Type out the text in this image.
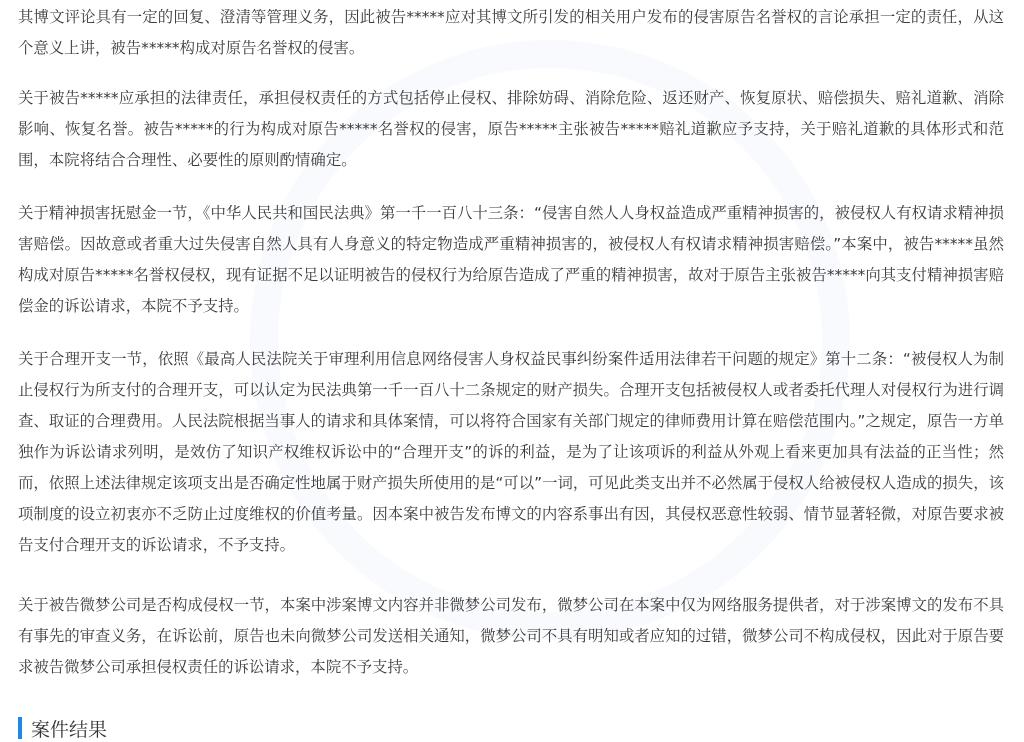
其博文评论具有一定的回复、澄清等管理义务，因此被告*****应对其博文所引发的相关用户发布的侵害原告名誉权的言论承担一定的责任，从这个意义上讲，被告*****构成对原告名誉权的侵害。

关于被告*****应承担的法律责任，承担侵权责任的方式包括停止侵权、排除妨碍、消除危险、返还财产、恢复原状、赔偿损失、赔礼道歉、消除影响、恢复名誉。被告*****的行为构成对原告*****名誉权的侵害，原告*****主张被告*****赔礼道歉应予支持，关于赔礼道歉的具体形式和范围，本院将结合合理性、必要性的原则酌情确定。

关于精神损害抚慰金一节，《中华人民共和国民法典》第一千一百八十三条：“侵害自然人人身权益造成严重精神损害的，被侵权人有权请求精神损害赔偿。因故意或者重大过失侵害自然人具有人身意义的特定物造成严重精神损害的，被侵权人有权请求精神损害赔偿。”本案中，被告*****虽然构成对原告*****名誉权侵权，现有证据不足以证明被告的侵权行为给原告造成了严重的精神损害，故对于原告主张被告*****向其支付精神损害赔偿金的诉讼请求，本院不予支持。

关于合理开支一节，依照《最高人民法院关于审理利用信息网络侵害人身权益民事纠纷案件适用法律若干问题的规定》第十二条：“被侵权人为制止侵权行为所支付的合理开支，可以认定为民法典第一千一百八十二条规定的财产损失。合理开支包括被侵权人或者委托代理人对侵权行为进行调查、取证的合理费用。人民法院根据当事人的请求和具体案情，可以将符合国家有关部门规定的律师费用计算在赔偿范围内。”之规定，原告一方单独作为诉讼请求列明，是效仿了知识产权维权诉讼中的“合理开支”的诉的利益，是为了让该项诉的利益从外观上看来更加具有法益的正当性；然而，依照上述法律规定该项支出是否确定性地属于财产损失所使用的是“可以”一词，可见此类支出并不必然属于侵权人给被侵权人造成的损失，该项制度的设立初衷亦不乏防止过度维权的价值考量。因本案中被告发布博文的内容系事出有因，其侵权恶意性较弱、情节显著轻微，对原告要求被告支付合理开支的诉讼请求，不予支持。

关于被告微梦公司是否构成侵权一节，本案中涉案博文内容并非微梦公司发布，微梦公司在本案中仅为网络服务提供者，对于涉案博文的发布不具有事先的审查义务，在诉讼前，原告也未向微梦公司发送相关通知，微梦公司不具有明知或者应知的过错，微梦公司不构成侵权，因此对于原告要求被告微梦公司承担侵权责任的诉讼请求，本院不予支持。

案件结果
